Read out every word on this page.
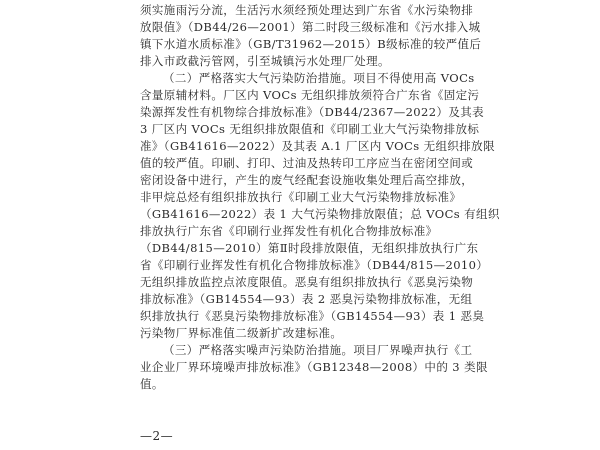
须实施雨污分流，生活污水须经预处理达到广东省《水污染物排
放限值》（DB44/26—2001）第二时段三级标准和《污水排入城
镇下水道水质标准》（GB/T31962—2015）B级标准的较严值后
排入市政截污管网，引至城镇污水处理厂处理。
（二）严格落实大气污染防治措施。项目不得使用高 VOCs
含量原辅材料。厂区内 VOCs 无组织排放须符合广东省《固定污
染源挥发性有机物综合排放标准》（DB44/2367—2022）及其表
3 厂区内 VOCs 无组织排放限值和《印刷工业大气污染物排放标
准》（GB41616—2022）及其表 A.1 厂区内 VOCs 无组织排放限
值的较严值。印刷、打印、过油及热转印工序应当在密闭空间或
密闭设备中进行，产生的废气经配套设施收集处理后高空排放，
非甲烷总烃有组织排放执行《印刷工业大气污染物排放标准》
（GB41616—2022）表 1 大气污染物排放限值；总 VOCs 有组织
排放执行广东省《印刷行业挥发性有机化合物排放标准》
（DB44/815—2010）第Ⅱ时段排放限值，无组织排放执行广东
省《印刷行业挥发性有机化合物排放标准》（DB44/815—2010）
无组织排放监控点浓度限值。恶臭有组织排放执行《恶臭污染物
排放标准》（GB14554—93）表 2 恶臭污染物排放标准，无组
织排放执行《恶臭污染物排放标准》（GB14554—93）表 1 恶臭
污染物厂界标准值二级新扩改建标准。
（三）严格落实噪声污染防治措施。项目厂界噪声执行《工
业企业厂界环境噪声排放标准》（GB12348—2008）中的 3 类限
值。
—2—
